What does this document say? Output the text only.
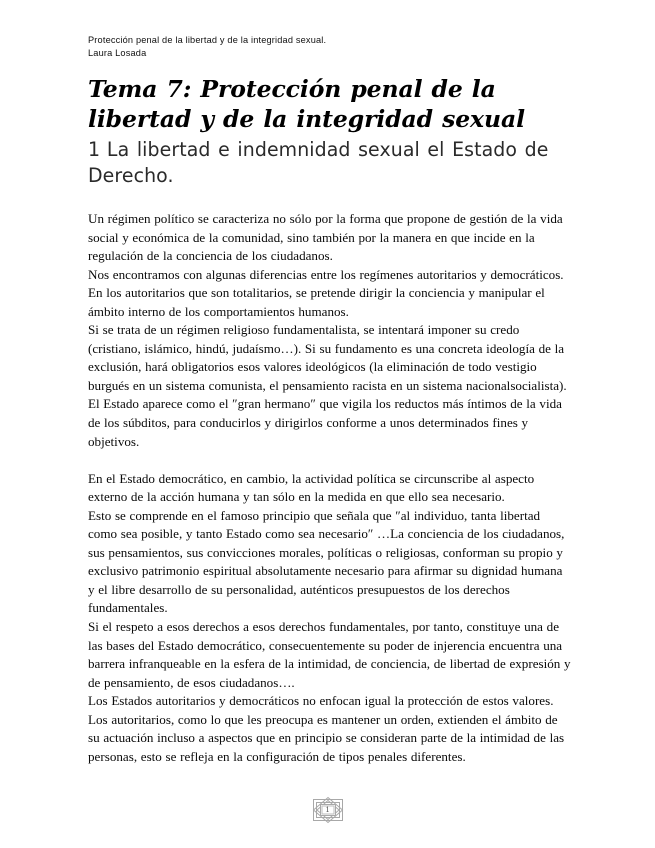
Protección penal de la libertad y de la integridad sexual.
Laura Losada
Tema 7: Protección penal de la libertad y de la integridad sexual
1 La libertad e indemnidad sexual el Estado de Derecho.

Un régimen político se caracteriza no sólo por la forma que propone de gestión de la vida social y económica de la comunidad, sino también por la manera en que incide en la regulación de la conciencia de los ciudadanos.

Nos encontramos con algunas diferencias entre los regímenes autoritarios y democráticos.

En los autoritarios que son totalitarios, se pretende dirigir la conciencia y manipular el ámbito interno de los comportamientos humanos.

Si se trata de un régimen religioso fundamentalista, se intentará imponer su credo (cristiano, islámico, hindú, judaísmo…). Si su fundamento es una concreta ideología de la exclusión, hará obligatorios esos valores ideológicos (la eliminación de todo vestigio burgués en un sistema comunista, el pensamiento racista en un sistema nacionalsocialista).

El Estado aparece como el ″gran hermano″ que vigila los reductos más íntimos de la vida de los súbditos, para conducirlos y dirigirlos conforme a unos determinados fines y objetivos.

En el Estado democrático, en cambio, la actividad política se circunscribe al aspecto externo de la acción humana y tan sólo en la medida en que ello sea necesario.

Esto se comprende en el famoso principio que señala que ″al individuo, tanta libertad como sea posible, y tanto Estado como sea necesario″ …La conciencia de los ciudadanos, sus pensamientos, sus convicciones morales, políticas o religiosas, conforman su propio y exclusivo patrimonio espiritual absolutamente necesario para afirmar su dignidad humana y el libre desarrollo de su personalidad, auténticos presupuestos de los derechos fundamentales.

Si el respeto a esos derechos a esos derechos fundamentales, por tanto, constituye una de las bases del Estado democrático, consecuentemente su poder de injerencia encuentra una barrera infranqueable en la esfera de la intimidad, de conciencia, de libertad de expresión y de pensamiento, de esos ciudadanos….

Los Estados autoritarios y democráticos no enfocan igual la protección de estos valores. Los autoritarios, como lo que les preocupa es mantener un orden, extienden el ámbito de su actuación incluso a aspectos que en principio se consideran parte de la intimidad de las personas, esto se refleja en la configuración de tipos penales diferentes.

1
